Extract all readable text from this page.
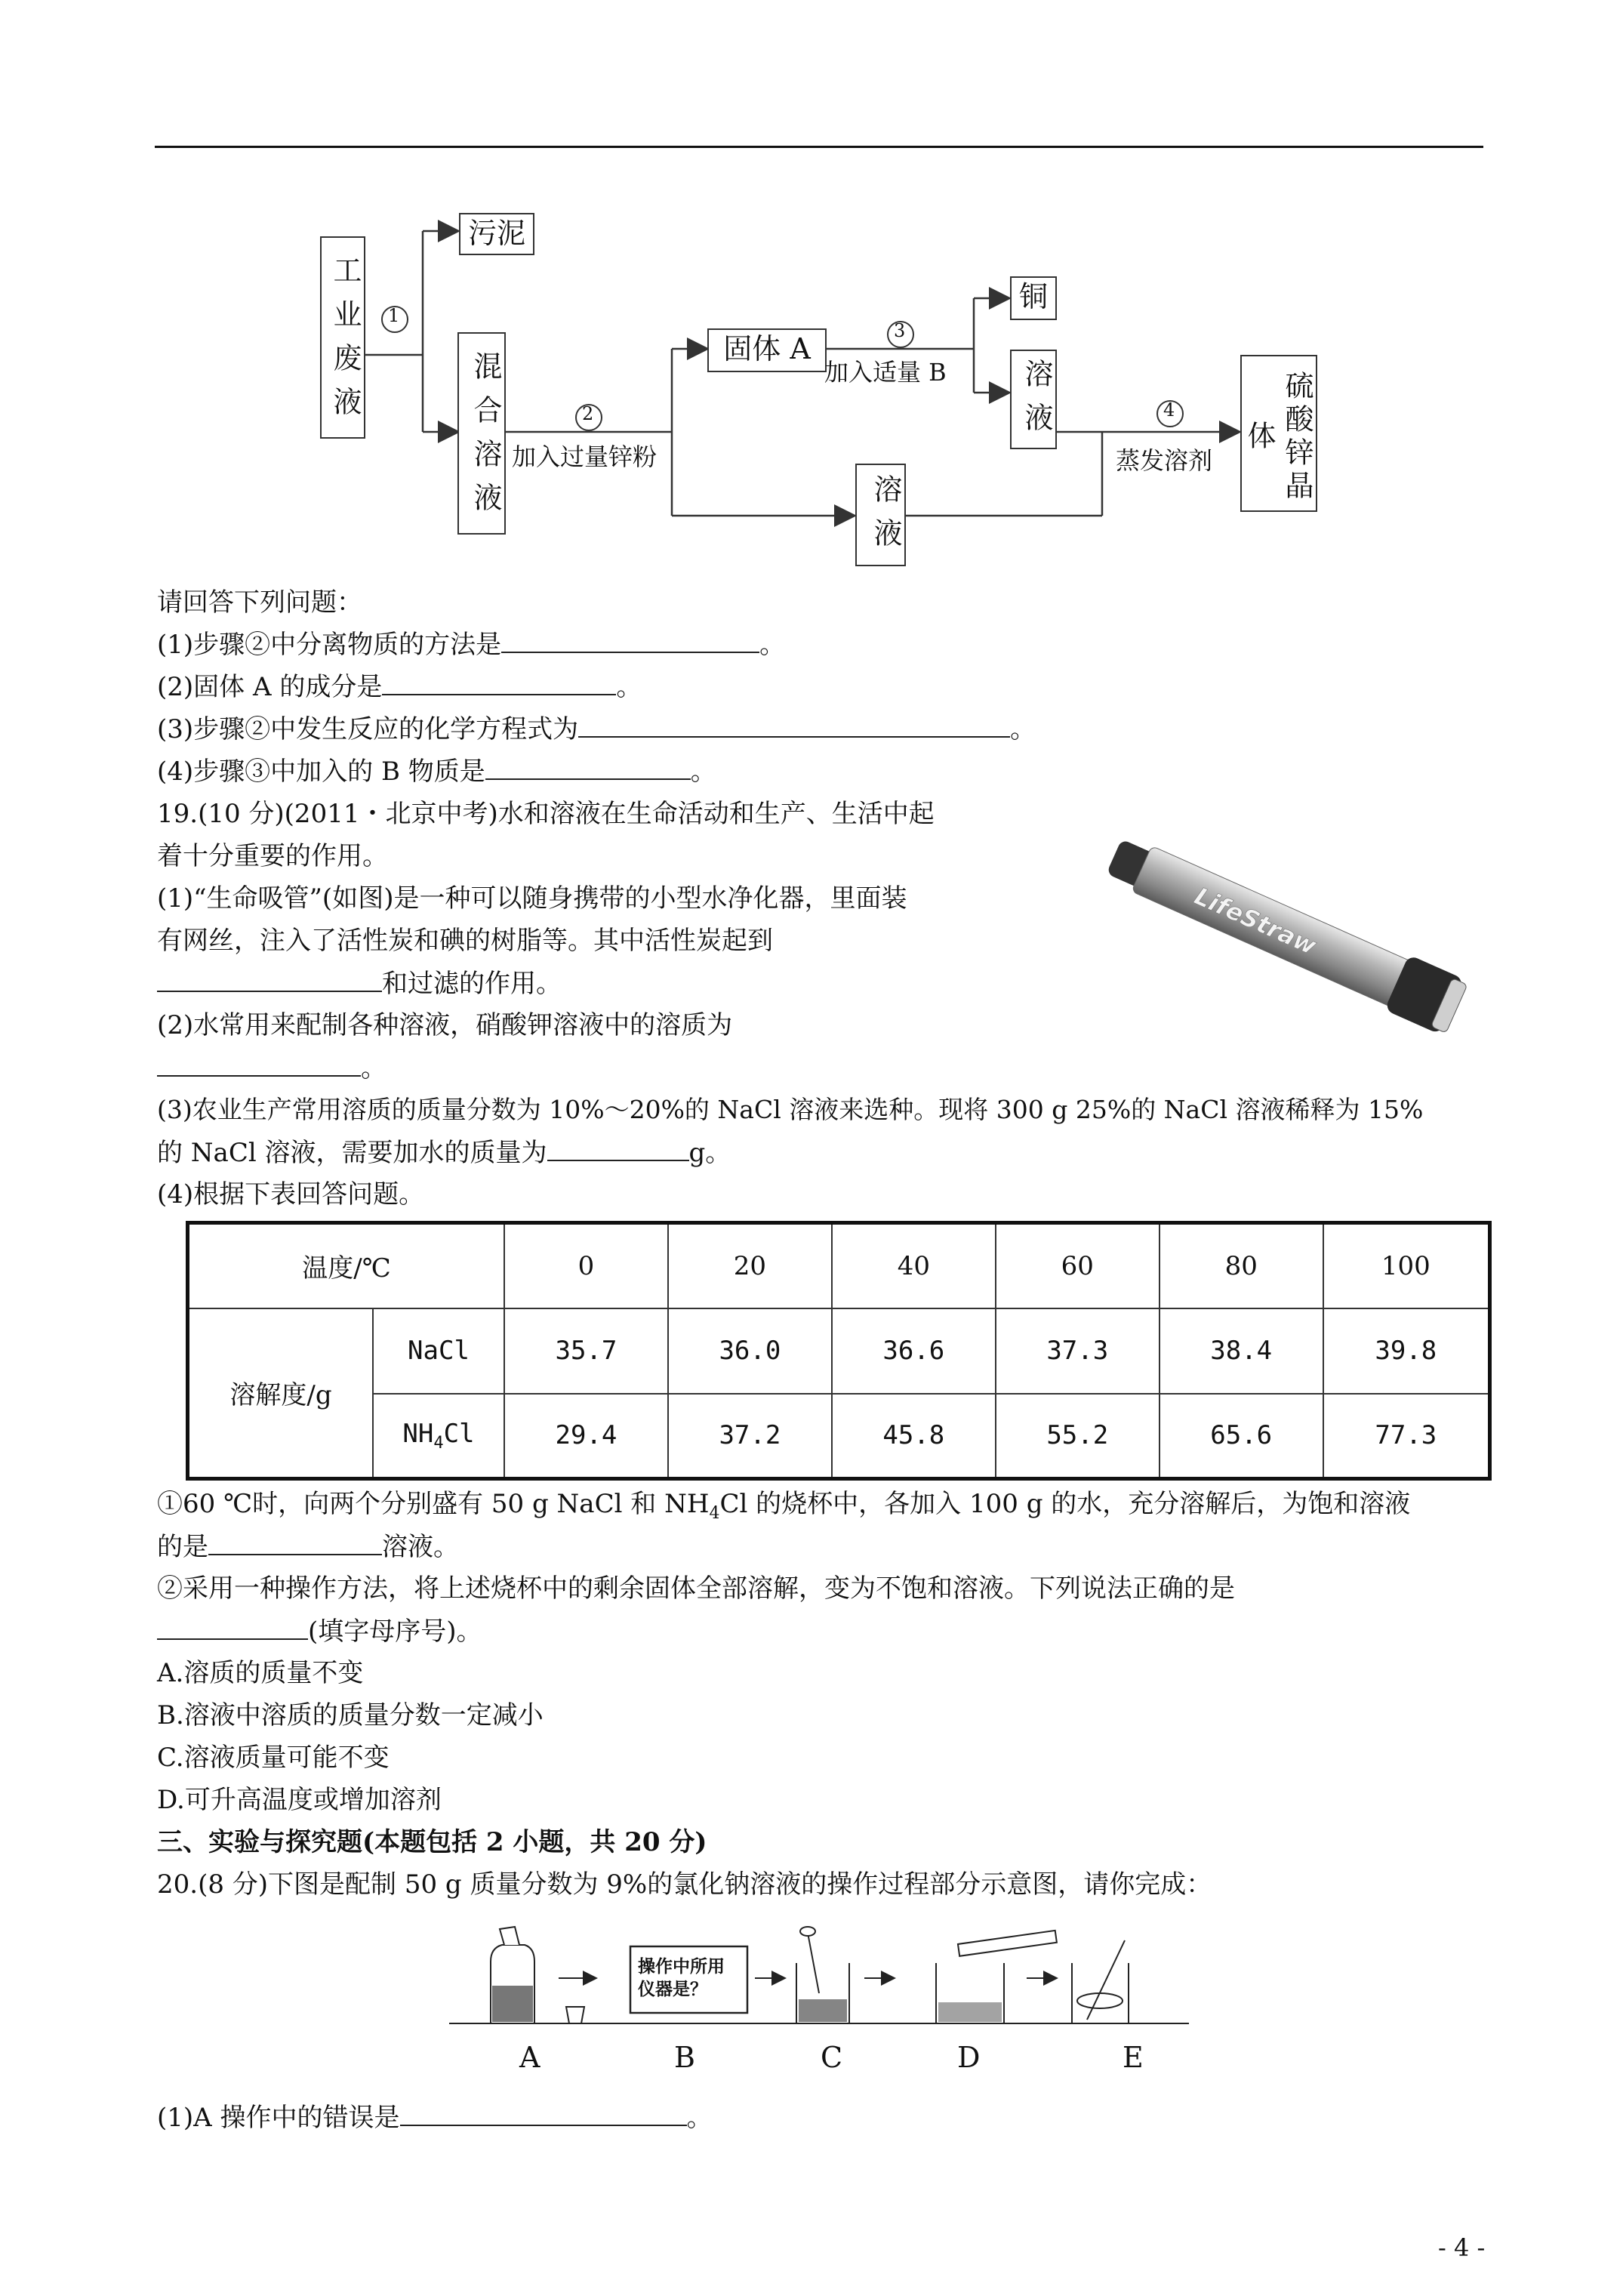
工业废液
污泥
混合溶液
固体 A
铜
溶液
溶液
硫酸锌晶体
加入过量锌粉
加入适量 B
蒸发溶剂
1
2
3
4
请回答下列问题：
(1)步骤②中分离物质的方法是	。
(2)固体 A 的成分是	。
(3)步骤②中发生反应的化学方程式为	。
(4)步骤③中加入的 B 物质是	。
19.(10 分)(2011・北京中考)水和溶液在生命活动和生产、生活中起
着十分重要的作用。
(1)“生命吸管”(如图)是一种可以随身携带的小型水净化器，里面装
有网丝，注入了活性炭和碘的树脂等。其中活性炭起到
和过滤的作用。
(2)水常用来配制各种溶液，硝酸钾溶液中的溶质为
。
(3)农业生产常用溶质的质量分数为 10%～20%的 NaCl 溶液来选种。现将 300 g 25%的 NaCl 溶液稀释为 15%
的 NaCl 溶液，需要加水的质量为	g。
(4)根据下表回答问题。
LifeStraw
温度/℃		0	20	40	60	80	100
溶解度/g	NaCl	35.7	36.0	36.6	37.3	38.4	39.8
	$NH_4Cl$	29.4	37.2	45.8	55.2	65.6	77.3
①60 ℃时，向两个分别盛有 50 g NaCl 和 $NH_4Cl$ 的烧杯中，各加入 100 g 的水，充分溶解后，为饱和溶液
的是	溶液。
②采用一种操作方法，将上述烧杯中的剩余固体全部溶解，变为不饱和溶液。下列说法正确的是
(填字母序号)。
A.溶质的质量不变
B.溶液中溶质的质量分数一定减小
C.溶液质量可能不变
D.可升高温度或增加溶剂
三、实验与探究题(本题包括 2 小题，共 20 分)
20.(8 分)下图是配制 50 g 质量分数为 9%的氯化钠溶液的操作过程部分示意图，请你完成：
操作中所用
仪器是？
A	B	C	D	E
(1)A 操作中的错误是	。
- 4 -
